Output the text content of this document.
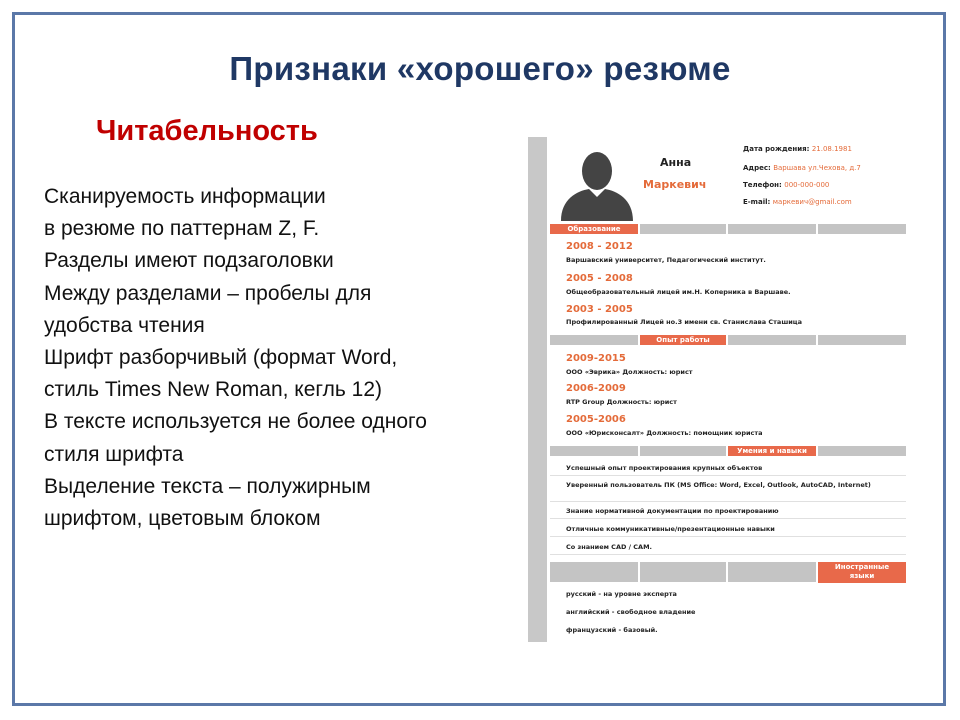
Признаки «хорошего» резюме
Читабельность
Сканируемость информации
в резюме по паттернам Z, F.
Разделы имеют подзаголовки
Между разделами – пробелы для
удобства чтения
Шрифт разборчивый (формат Word,
стиль Times New Roman, кегль 12)
В тексте используется не более одного
стиля шрифта
Выделение текста – полужирным
шрифтом, цветовым блоком
Анна
Маркевич
Дата рождения: 21.08.1981
Адрес: Варшава ул.Чехова, д.7
Телефон: 000-000-000
E-mail: маркевич@gmail.com
Образование
2008 - 2012
Варшавский университет, Педагогический институт.
2005 - 2008
Общеобразовательный лицей им.Н. Коперника в Варшаве.
2003 - 2005
Профилированный Лицей но.3 имени св. Станислава Сташица
Опыт работы
2009-2015
ООО «Эврика» Должность: юрист
2006-2009
RTP Group Должность: юрист
2005-2006
ООО «Юрисконсалт» Должность: помощник юриста
Умения и навыки
Успешный опыт проектирования крупных объектов
Уверенный пользователь ПК (MS Office: Word, Excel, Outlook, AutoCAD, Internet)
Знание нормативной документации по проектированию
Отличные коммуникативные/презентационные навыки
Со знанием CAD / CAM.
Иностранные
языки
русский - на уровне эксперта
английский - свободное владение
французский - базовый.
